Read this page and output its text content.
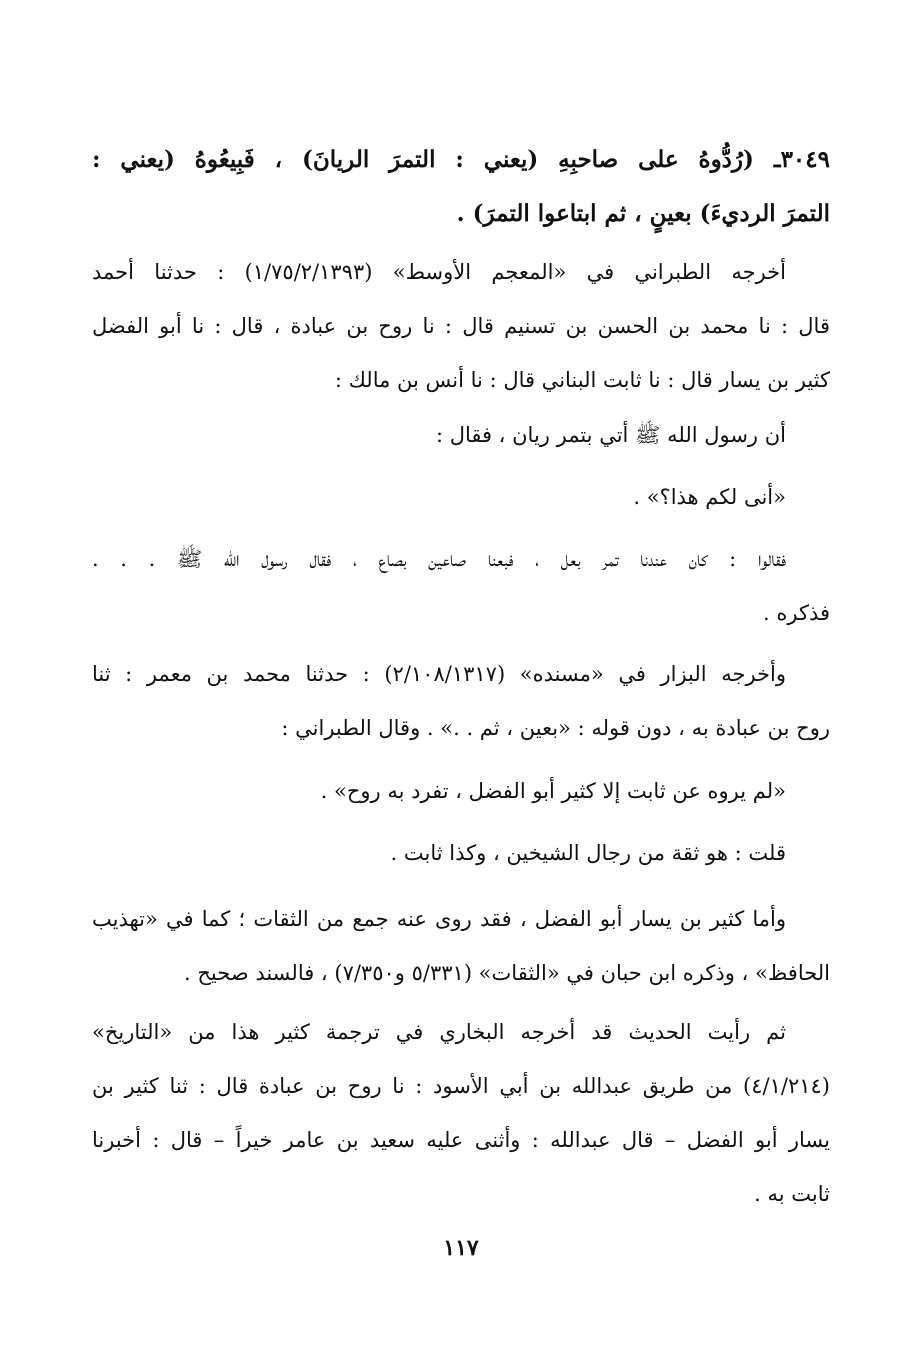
٣٠٤٩ـ (رُدُّوهُ على صاحبِهِ (يعني : التمرَ الريانَ) ، فَبِيعُوهُ (يعني :
التمرَ الرديءَ) بعينٍ ، ثم ابتاعوا التمرَ) .
أخرجه الطبراني في «المعجم الأوسط» (١/٧٥/٢/١٣٩٣) : حدثنا أحمد
قال : نا محمد بن الحسن بن تسنيم قال : نا روح بن عبادة ، قال : نا أبو الفضل
كثير بن يسار قال : نا ثابت البناني قال : نا أنس بن مالك :
أن رسول الله ﷺ أتي بتمر ريان ، فقال :
«أنى لكم هذا؟» .
فقالوا : كان عندنا تمر بعل ، فبعنا صاعين بصاع ، فقال رسول الله ﷺ . . .
فذكره .
وأخرجه البزار في «مسنده» (٢/١٠٨/١٣١٧) : حدثنا محمد بن معمر : ثنا
روح بن عبادة به ، دون قوله : «بعين ، ثم . .» . وقال الطبراني :
«لم يروه عن ثابت إلا كثير أبو الفضل ، تفرد به روح» .
قلت : هو ثقة من رجال الشيخين ، وكذا ثابت .
وأما كثير بن يسار أبو الفضل ، فقد روى عنه جمع من الثقات ؛ كما في «تهذيب
الحافظ» ، وذكره ابن حبان في «الثقات» (٥/٣٣١ و٧/٣٥٠) ، فالسند صحيح .
ثم رأيت الحديث قد أخرجه البخاري في ترجمة كثير هذا من «التاريخ»
(٤/١/٢١٤) من طريق عبدالله بن أبي الأسود : نا روح بن عبادة قال : ثنا كثير بن
يسار أبو الفضل – قال عبدالله : وأثنى عليه سعيد بن عامر خيراً – قال : أخبرنا
ثابت به .
١١٧
